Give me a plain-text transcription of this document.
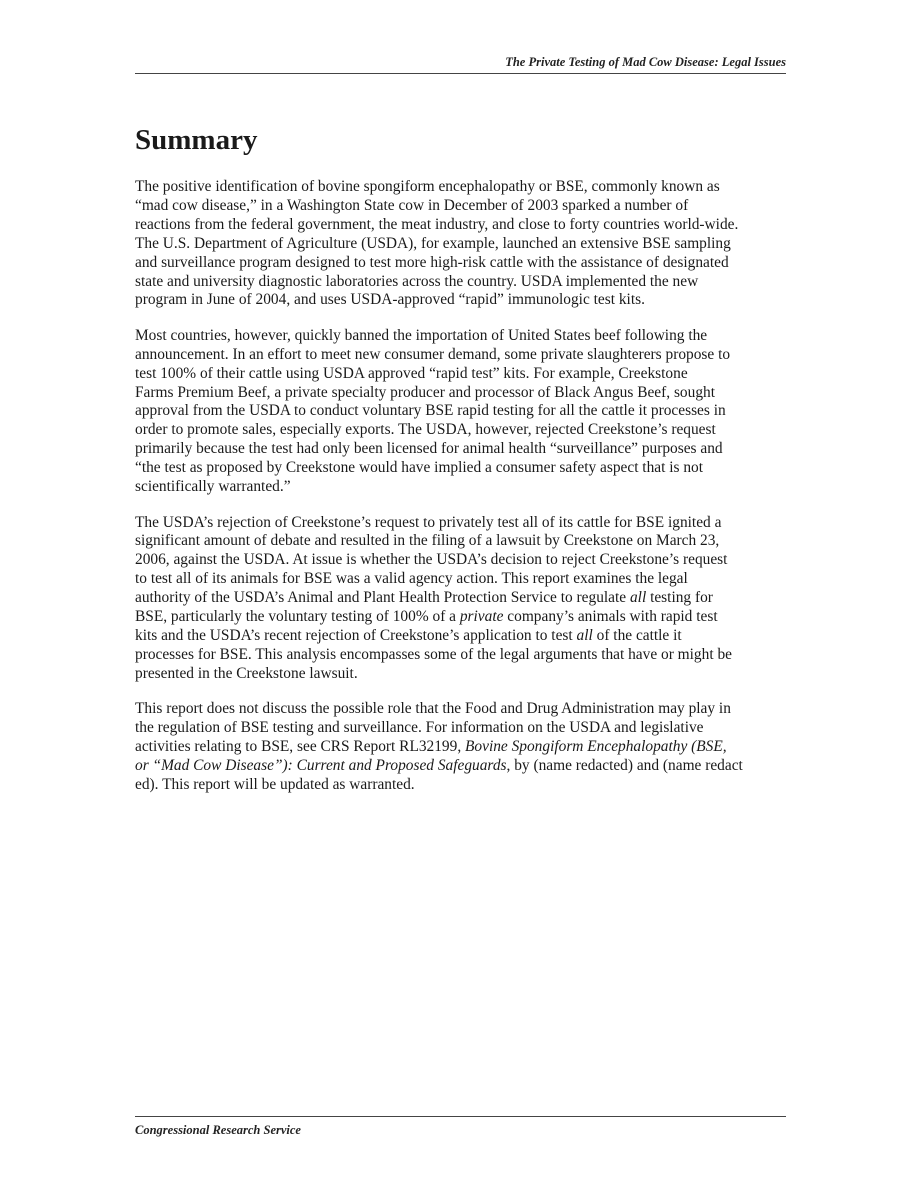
The Private Testing of Mad Cow Disease: Legal Issues
Summary

The positive identification of bovine spongiform encephalopathy or BSE, commonly known as
“mad cow disease,” in a Washington State cow in December of 2003 sparked a number of
reactions from the federal government, the meat industry, and close to forty countries world-wide.
The U.S. Department of Agriculture (USDA), for example, launched an extensive BSE sampling
and surveillance program designed to test more high-risk cattle with the assistance of designated
state and university diagnostic laboratories across the country. USDA implemented the new
program in June of 2004, and uses USDA-approved “rapid” immunologic test kits.

Most countries, however, quickly banned the importation of United States beef following the
announcement. In an effort to meet new consumer demand, some private slaughterers propose to
test 100% of their cattle using USDA approved “rapid test” kits. For example, Creekstone
Farms Premium Beef, a private specialty producer and processor of Black Angus Beef, sought
approval from the USDA to conduct voluntary BSE rapid testing for all the cattle it processes in
order to promote sales, especially exports. The USDA, however, rejected Creekstone’s request
primarily because the test had only been licensed for animal health “surveillance” purposes and
“the test as proposed by Creekstone would have implied a consumer safety aspect that is not
scientifically warranted.”

The USDA’s rejection of Creekstone’s request to privately test all of its cattle for BSE ignited a
significant amount of debate and resulted in the filing of a lawsuit by Creekstone on March 23,
2006, against the USDA. At issue is whether the USDA’s decision to reject Creekstone’s request
to test all of its animals for BSE was a valid agency action. This report examines the legal
authority of the USDA’s Animal and Plant Health Protection Service to regulate all testing for
BSE, particularly the voluntary testing of 100% of a private company’s animals with rapid test
kits and the USDA’s recent rejection of Creekstone’s application to test all of the cattle it
processes for BSE. This analysis encompasses some of the legal arguments that have or might be
presented in the Creekstone lawsuit.

This report does not discuss the possible role that the Food and Drug Administration may play in
the regulation of BSE testing and surveillance. For information on the USDA and legislative
activities relating to BSE, see CRS Report RL32199, Bovine Spongiform Encephalopathy (BSE,
or “Mad Cow Disease”): Current and Proposed Safeguards, by (name redacted) and (name redact
ed). This report will be updated as warranted.

Congressional Research Service
